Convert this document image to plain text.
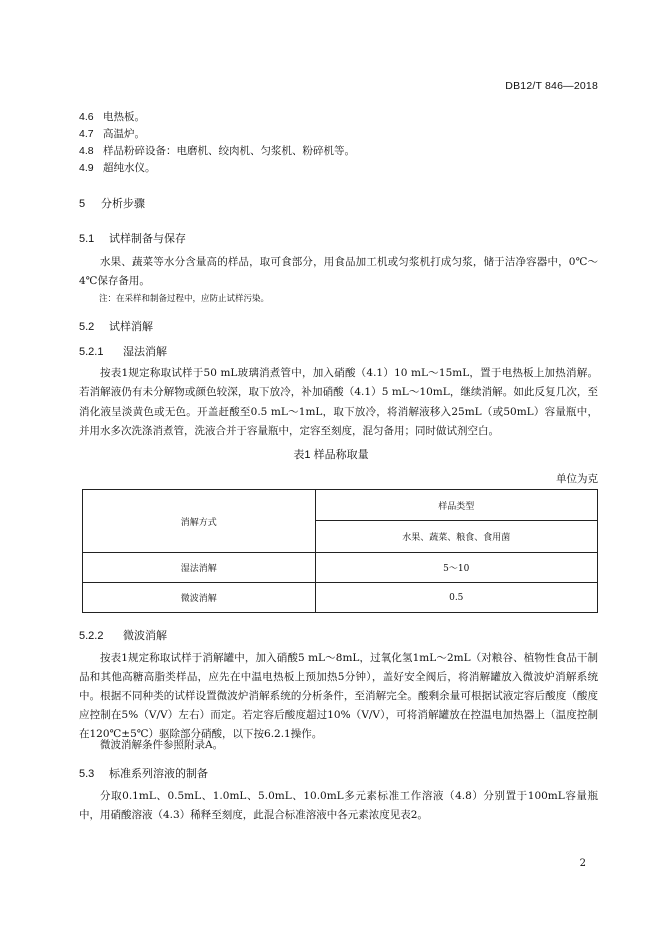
DB12/T 846—2018
4.6 电热板。
4.7 高温炉。
4.8 样品粉碎设备：电磨机、绞肉机、匀浆机、粉碎机等。
4.9 超纯水仪。
5 分析步骤
5.1 试样制备与保存

水果、蔬菜等水分含量高的样品，取可食部分，用食品加工机或匀浆机打成匀浆，储于洁净容器中，0℃～4℃保存备用。

注：在采样和制备过程中，应防止试样污染。
5.2 试样消解
5.2.1 湿法消解

按表1规定称取试样于50 mL玻璃消煮管中，加入硝酸（4.1）10 mL～15mL，置于电热板上加热消解。若消解液仍有未分解物或颜色较深，取下放冷，补加硝酸（4.1）5 mL～10mL，继续消解。如此反复几次，至消化液呈淡黄色或无色。开盖赶酸至0.5 mL～1mL，取下放冷，将消解液移入25mL（或50mL）容量瓶中，并用水多次洗涤消煮管，洗液合并于容量瓶中，定容至刻度，混匀备用；同时做试剂空白。

表1 样品称取量
单位为克
消解方式	样品类型
	水果、蔬菜、粮食、食用菌
湿法消解	5～10
微波消解	0.5
5.2.2 微波消解

按表1规定称取试样于消解罐中，加入硝酸5 mL～8mL，过氧化氢1mL～2mL（对粮谷、植物性食品干制品和其他高糖高脂类样品，应先在中温电热板上预加热5分钟），盖好安全阀后，将消解罐放入微波炉消解系统中。根据不同种类的试样设置微波炉消解系统的分析条件，至消解完全。酸剩余量可根据试液定容后酸度（酸度应控制在5%（V/V）左右）而定。若定容后酸度超过10%（V/V），可将消解罐放在控温电加热器上（温度控制在120℃±5℃）驱除部分硝酸，以下按6.2.1操作。

微波消解条件参照附录A。

5.3 标准系列溶液的制备

分取0.1mL、0.5mL、1.0mL、5.0mL、10.0mL多元素标准工作溶液（4.8）分别置于100mL容量瓶中，用硝酸溶液（4.3）稀释至刻度，此混合标准溶液中各元素浓度见表2。

2
